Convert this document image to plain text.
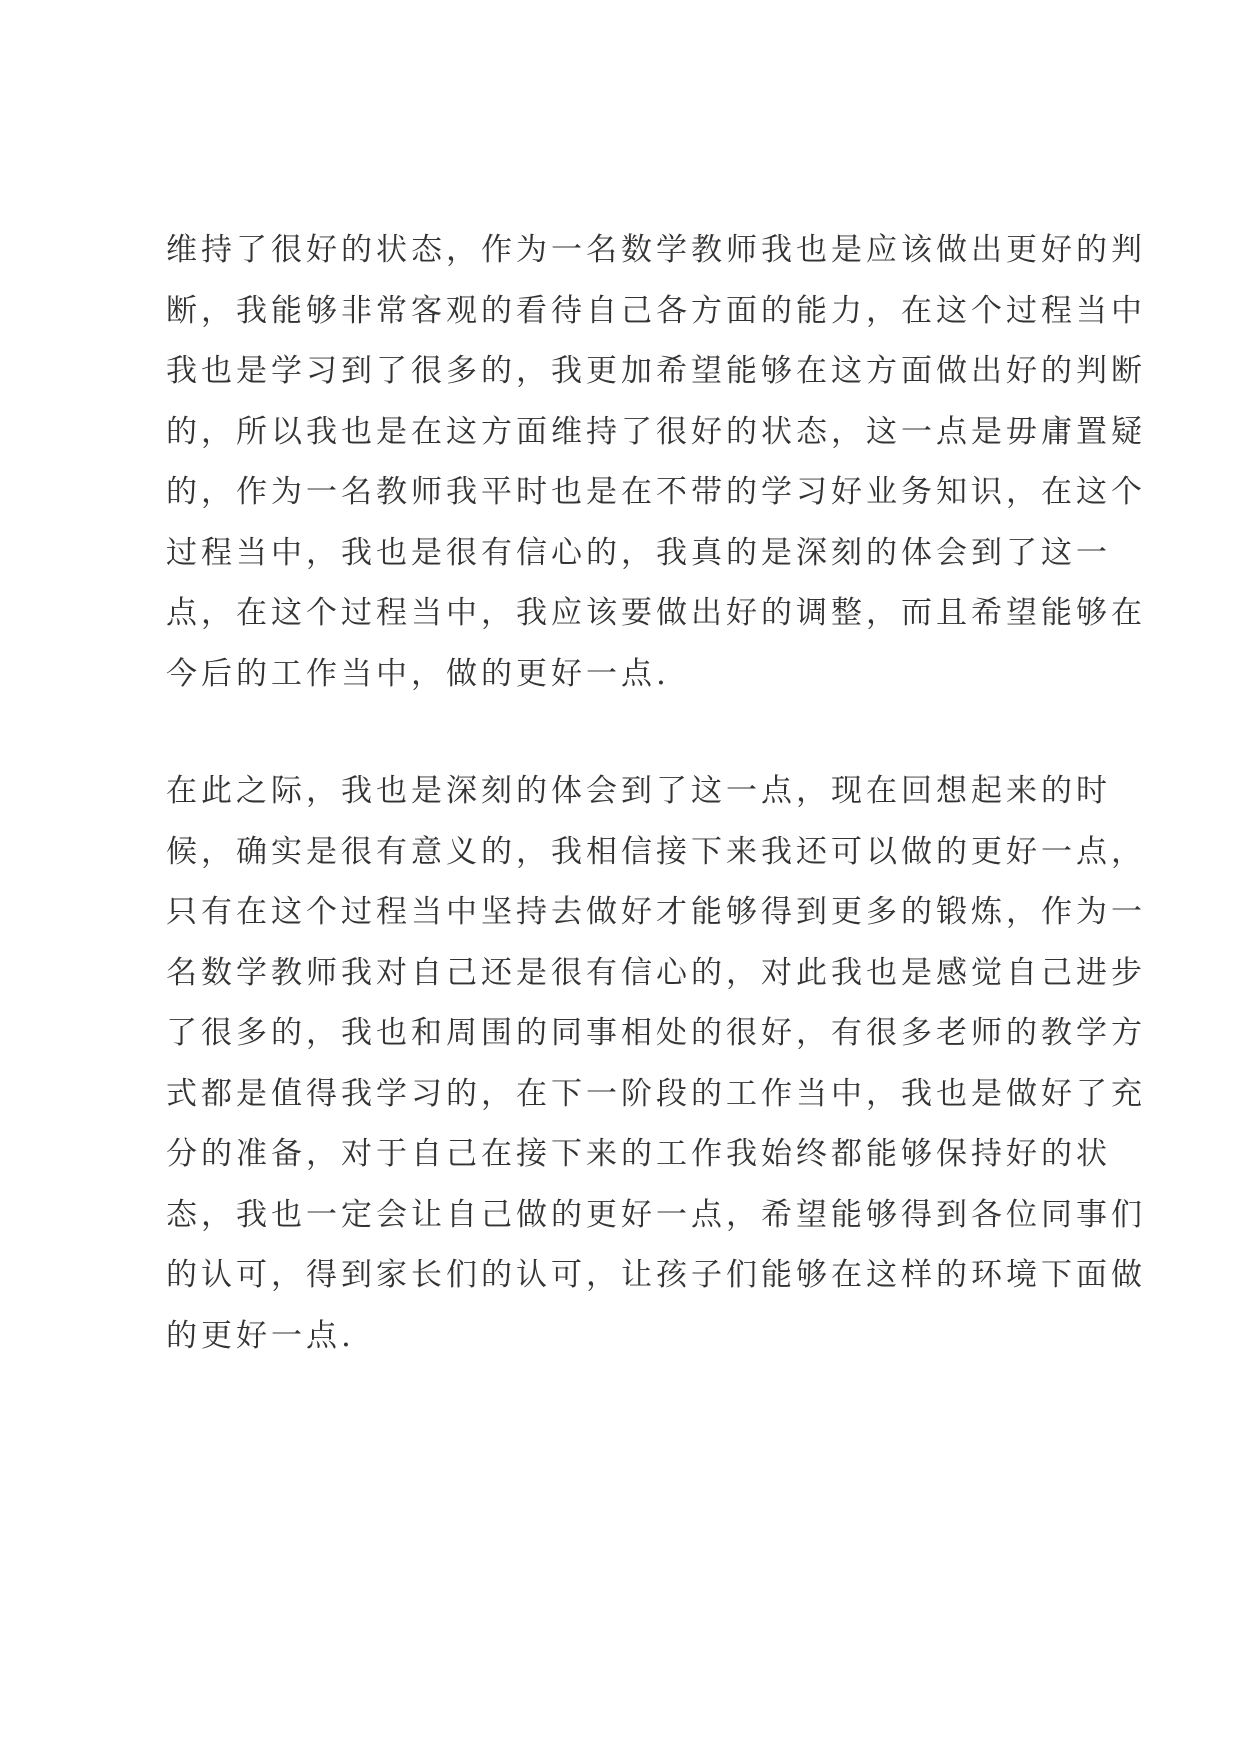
维持了很好的状态，作为一名数学教师我也是应该做出更好的判
断，我能够非常客观的看待自己各方面的能力，在这个过程当中
我也是学习到了很多的，我更加希望能够在这方面做出好的判断
的，所以我也是在这方面维持了很好的状态，这一点是毋庸置疑
的，作为一名教师我平时也是在不带的学习好业务知识，在这个
过程当中，我也是很有信心的，我真的是深刻的体会到了这一
点，在这个过程当中，我应该要做出好的调整，而且希望能够在
今后的工作当中，做的更好一点.

在此之际，我也是深刻的体会到了这一点，现在回想起来的时
候，确实是很有意义的，我相信接下来我还可以做的更好一点，
只有在这个过程当中坚持去做好才能够得到更多的锻炼，作为一
名数学教师我对自己还是很有信心的，对此我也是感觉自己进步
了很多的，我也和周围的同事相处的很好，有很多老师的教学方
式都是值得我学习的，在下一阶段的工作当中，我也是做好了充
分的准备，对于自己在接下来的工作我始终都能够保持好的状
态，我也一定会让自己做的更好一点，希望能够得到各位同事们
的认可，得到家长们的认可，让孩子们能够在这样的环境下面做
的更好一点.
